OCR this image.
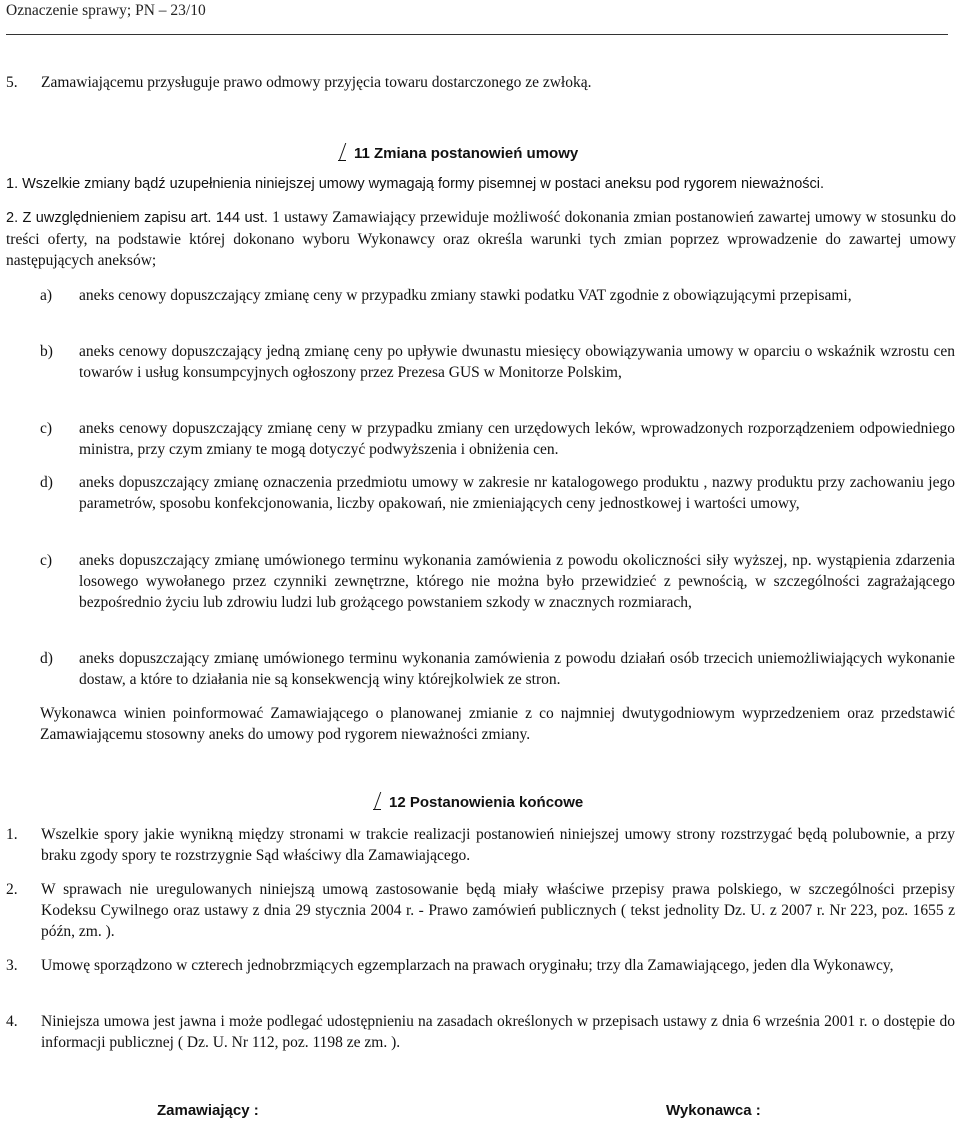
Oznaczenie sprawy; PN – 23/10
5. Zamawiającemu przysługuje prawo odmowy przyjęcia towaru dostarczonego ze zwłoką.
11 Zmiana postanowień umowy
1. Wszelkie zmiany bądź uzupełnienia niniejszej umowy wymagają formy pisemnej w postaci aneksu pod rygorem nieważności.
2. Z uwzględnieniem zapisu art. 144 ust. 1 ustawy Zamawiający przewiduje możliwość dokonania zmian postanowień zawartej umowy w stosunku do treści oferty, na podstawie której dokonano wyboru Wykonawcy oraz określa warunki tych zmian poprzez wprowadzenie do zawartej umowy następujących aneksów;
a) aneks cenowy dopuszczający zmianę ceny w przypadku zmiany stawki podatku VAT zgodnie z obowiązującymi przepisami,
b) aneks cenowy dopuszczający jedną zmianę ceny po upływie dwunastu miesięcy obowiązywania umowy w oparciu o wskaźnik wzrostu cen towarów i usług konsumpcyjnych ogłoszony przez Prezesa GUS w Monitorze Polskim,
c) aneks cenowy dopuszczający zmianę ceny w przypadku zmiany cen urzędowych leków, wprowadzonych rozporządzeniem odpowiedniego ministra, przy czym zmiany te mogą dotyczyć podwyższenia i obniżenia cen.
d) aneks dopuszczający zmianę oznaczenia przedmiotu umowy w zakresie nr katalogowego produktu , nazwy produktu przy zachowaniu jego parametrów, sposobu konfekcjonowania, liczby opakowań, nie zmieniających ceny jednostkowej i wartości umowy,
c) aneks dopuszczający zmianę umówionego terminu wykonania zamówienia z powodu okoliczności siły wyższej, np. wystąpienia zdarzenia losowego wywołanego przez czynniki zewnętrzne, którego nie można było przewidzieć z pewnością, w szczególności zagrażającego bezpośrednio życiu lub zdrowiu ludzi lub grożącego powstaniem szkody w znacznych rozmiarach,
d) aneks dopuszczający zmianę umówionego terminu wykonania zamówienia z powodu działań osób trzecich uniemożliwiających wykonanie dostaw, a które to działania nie są konsekwencją winy którejkolwiek ze stron.
Wykonawca winien poinformować Zamawiającego o planowanej zmianie z co najmniej dwutygodniowym wyprzedzeniem oraz przedstawić Zamawiającemu stosowny aneks do umowy pod rygorem nieważności zmiany.
12 Postanowienia końcowe
1. Wszelkie spory jakie wynikną między stronami w trakcie realizacji postanowień niniejszej umowy strony rozstrzygać będą polubownie, a przy braku zgody spory te rozstrzygnie Sąd właściwy dla Zamawiającego.
2. W sprawach nie uregulowanych niniejszą umową zastosowanie będą miały właściwe przepisy prawa polskiego, w szczególności przepisy Kodeksu Cywilnego oraz ustawy z dnia 29 stycznia 2004 r. - Prawo zamówień publicznych ( tekst jednolity Dz. U. z 2007 r. Nr 223, poz. 1655 z późn, zm. ).
3. Umowę sporządzono w czterech jednobrzmiących egzemplarzach na prawach oryginału; trzy dla Zamawiającego, jeden dla Wykonawcy,
4. Niniejsza umowa jest jawna i może podlegać udostępnieniu na zasadach określonych w przepisach ustawy z dnia 6 września 2001 r. o dostępie do informacji publicznej ( Dz. U. Nr 112, poz. 1198 ze zm. ).
Zamawiający :	Wykonawca :
